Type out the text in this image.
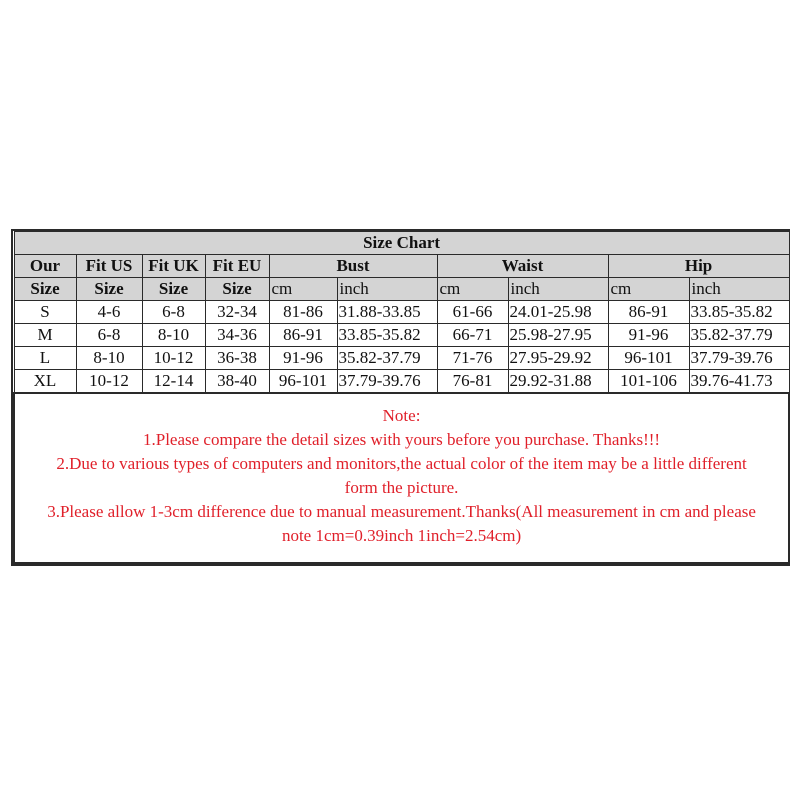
Size Chart									
Our	Fit US	Fit UK	Fit EU	Bust		Waist		Hip	
Size	Size	Size	Size	cm	inch	cm	inch	cm	inch
S	4-6	6-8	32-34	81-86	31.88-33.85	61-66	24.01-25.98	86-91	33.85-35.82
M	6-8	8-10	34-36	86-91	33.85-35.82	66-71	25.98-27.95	91-96	35.82-37.79
L	8-10	10-12	36-38	91-96	35.82-37.79	71-76	27.95-29.92	96-101	37.79-39.76
XL	10-12	12-14	38-40	96-101	37.79-39.76	76-81	29.92-31.88	101-106	39.76-41.73

Note:
1.Please compare the detail sizes with yours before you purchase. Thanks!!!
2.Due to various types of computers and monitors,the actual color of the item may be a little different
form the picture.
3.Please allow 1-3cm difference due to manual measurement.Thanks(All measurement in cm and please
note 1cm=0.39inch 1inch=2.54cm)
